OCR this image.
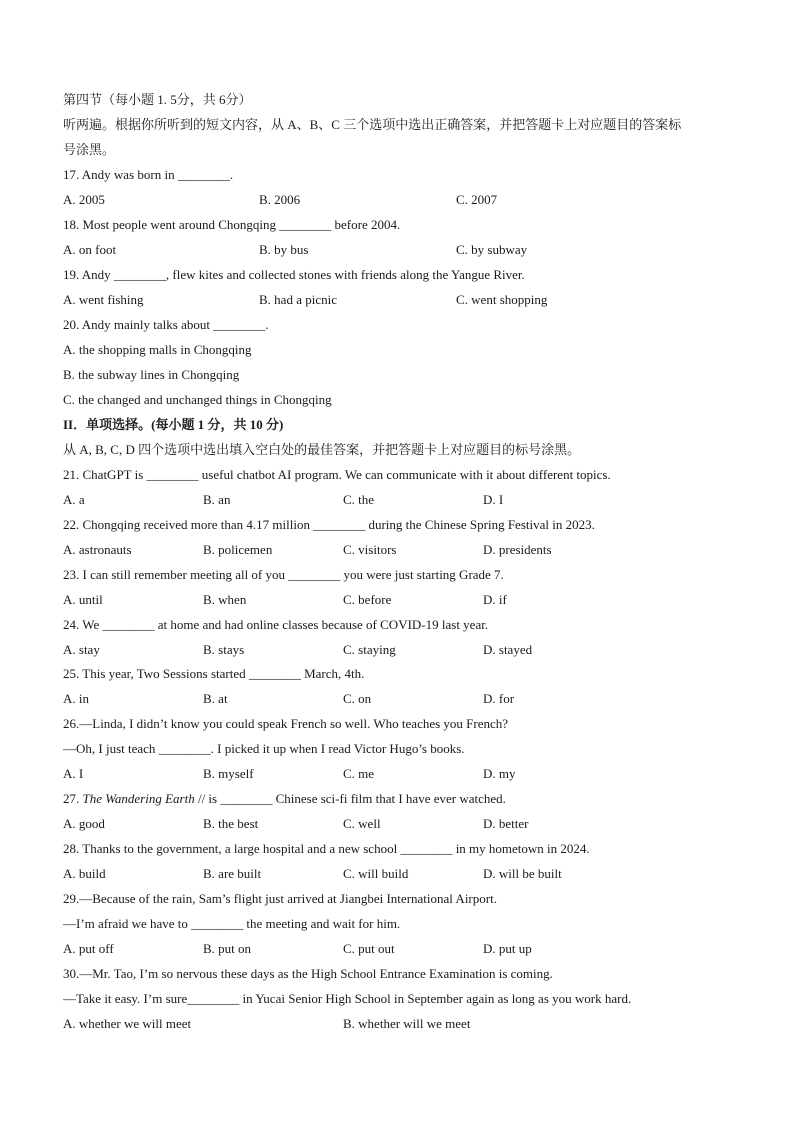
第四节（每小题 1. 5分，共 6分）
听两遍。根据你所听到的短文内容，从 A、B、C 三个选项中选出正确答案，并把答题卡上对应题目的答案标
号涂黑。
17. Andy was born in ________.
A. 2005	B. 2006	C. 2007
18. Most people went around Chongqing ________ before 2004.
A. on foot	B. by bus	C. by subway
19. Andy ________, flew kites and collected stones with friends along the Yangue River.
A. went fishing	B. had a picnic	C. went shopping
20. Andy mainly talks about ________.
A. the shopping malls in Chongqing
B. the subway lines in Chongqing
C. the changed and unchanged things in Chongqing
II．单项选择。(每小题 1 分，共 10 分)
从 A, B, C, D 四个选项中选出填入空白处的最佳答案，并把答题卡上对应题目的标号涂黑。
21. ChatGPT is ________ useful chatbot AI program. We can communicate with it about different topics.
A. a	B. an	C. the	D. I
22. Chongqing received more than 4.17 million ________ during the Chinese Spring Festival in 2023.
A. astronauts	B. policemen	C. visitors	D. presidents
A. until	B. when	C. before	D. if
23. I can still remember meeting all of you ________ you were just starting Grade 7.
24. We ________ at home and had online classes because of COVID-19 last year.
A. stay	B. stays	C. staying	D. stayed
25. This year, Two Sessions started ________ March, 4th.
A. in	B. at	C. on	D. for
26.—Linda, I didn’t know you could speak French so well. Who teaches you French?
—Oh, I just teach ________. I picked it up when I read Victor Hugo’s books.
A. I	B. myself	C. me	D. my
27. The Wandering Earth // is ________ Chinese sci-fi film that I have ever watched.
A. good	B. the best	C. well	D. better
28. Thanks to the government, a large hospital and a new school ________ in my hometown in 2024.
A. build	B. are built	C. will build	D. will be built
29.—Because of the rain, Sam’s flight just arrived at Jiangbei International Airport.
—I’m afraid we have to ________ the meeting and wait for him.
A. put off	B. put on	C. put out	D. put up
30.—Mr. Tao, I’m so nervous these days as the High School Entrance Examination is coming.
—Take it easy. I’m sure________ in Yucai Senior High School in September again as long as you work hard.
A. whether we will meet	B. whether will we meet
